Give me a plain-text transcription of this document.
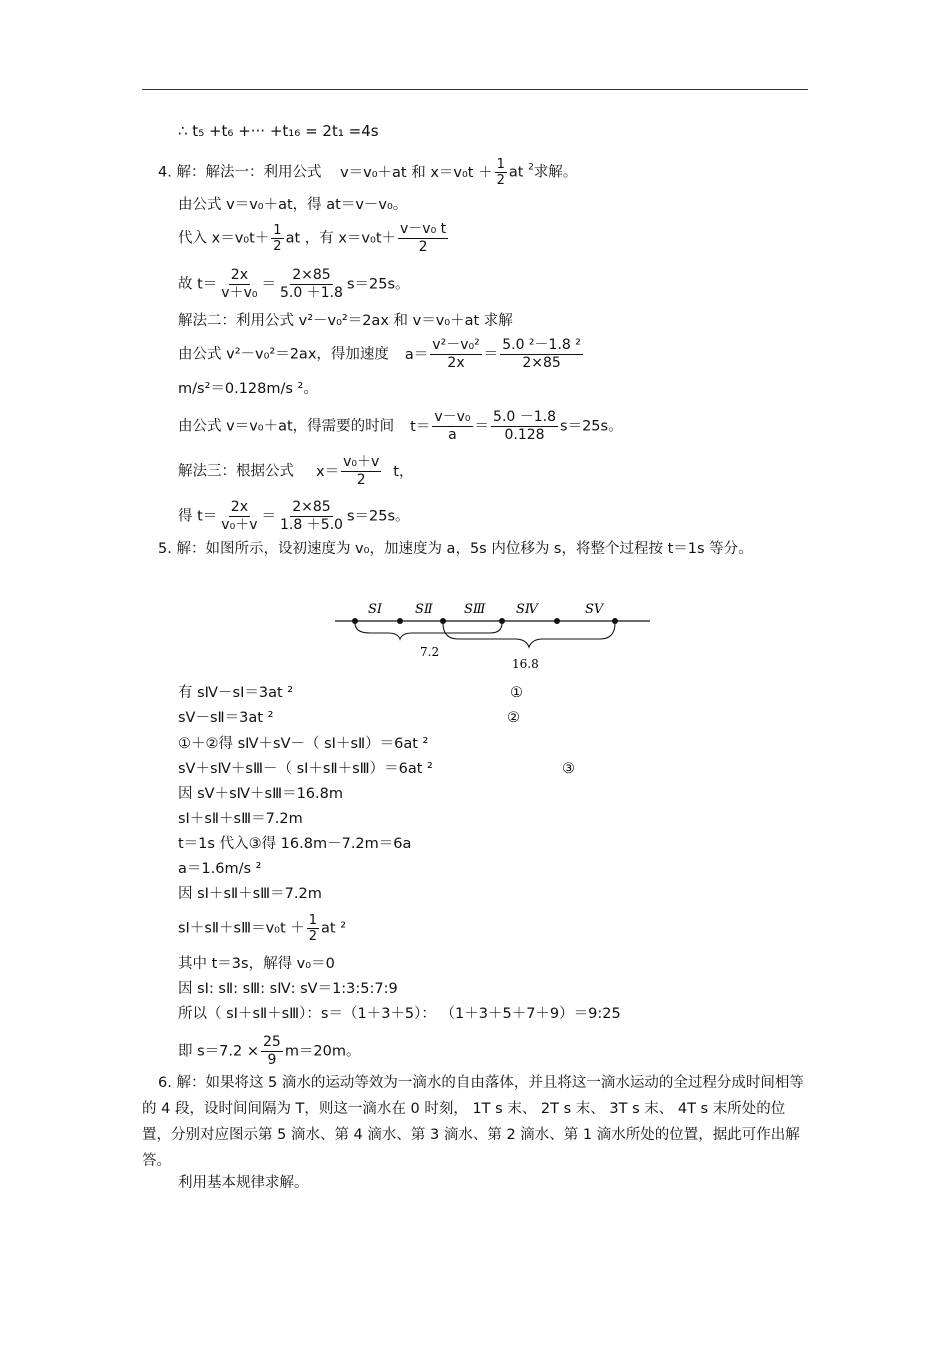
∴ t₅ +t₆ +··· +t₁₆ = 2t₁ =4s
4. 解：解法一：利用公式 v＝v₀＋at 和 $x=v_0t + \frac{1}{2}$ at $^2$求解。
由公式 v＝v₀＋at，得 at＝v－v₀。
代入 $x=v_0t+ \frac{1}{2}$ at ，有 $x=v_0t+ \frac{\text{v－v₀ t}}{2}$
故 $t= \frac{2x}{\text{v＋v₀}} = \frac{2\times 85}{5.0 +1.8} s=25s$。
解法二：利用公式 v²－v₀²＝2ax 和 v＝v₀＋at 求解
由公式 v²－v₀²＝2ax，得加速度 $a= \frac{\text{v²－v₀²}}{2x} = \frac{\text{5.0 ²－1.8 ²}}{2\times 85}$
m/s²＝0.128m/s ²。
由公式 v＝v₀＋at，得需要的时间 $t= \frac{\text{v－v₀}}{a} = \frac{5.0 -1.8}{0.128} s=25s$。
解法三：根据公式 $x= \frac{\text{v₀＋v}}{2}$ t，
得 $t= \frac{2x}{\text{v₀＋v}} = \frac{2\times 85}{1.8 +5.0} s=25s$。
5. 解：如图所示，设初速度为 v₀，加速度为 a，5s 内位移为 s，将整个过程按 t＝1s 等分。
SⅠ	SⅡ SⅢ SⅣ	SⅤ
7.2
16.8
有 sⅣ－sⅠ＝3at ²	①
sⅤ－sⅡ＝3at ²	②
①＋②得 sⅣ＋sⅤ－（ sⅠ＋sⅡ）＝6at ²
sⅤ＋sⅣ＋sⅢ－（ sⅠ＋sⅡ＋sⅢ）＝6at ²	③
因 sⅤ＋sⅣ＋sⅢ＝16.8m
sⅠ＋sⅡ＋sⅢ＝7.2m
t＝1s 代入③得 16.8m－7.2m＝6a
a＝1.6m/s ²
因 sⅠ＋sⅡ＋sⅢ＝7.2m
sⅠ＋sⅡ＋sⅢ＝v₀t ＋ $\frac{1}{2}$ at ²
其中 t＝3s，解得 v₀＝0
因 sⅠ: sⅡ: sⅢ: sⅣ: sⅤ＝1:3:5:7:9
所以（ sⅠ＋sⅡ＋sⅢ）：s＝（1＋3＋5）： （1＋3＋5＋7＋9）＝9:25
即 $s=7.2 \times \frac{25}{9} m=20m$。
6. 解：如果将这 5 滴水的运动等效为一滴水的自由落体，并且将这一滴水运动的全过程分成时间相等的 4 段，设时间间隔为 T，则这一滴水在 0 时刻， 1T s 末、 2T s 末、 3T s 末、 4T s 末所处的位置，分别对应图示第 5 滴水、第 4 滴水、第 3 滴水、第 2 滴水、第 1 滴水所处的位置，据此可作出解答。
利用基本规律求解。
